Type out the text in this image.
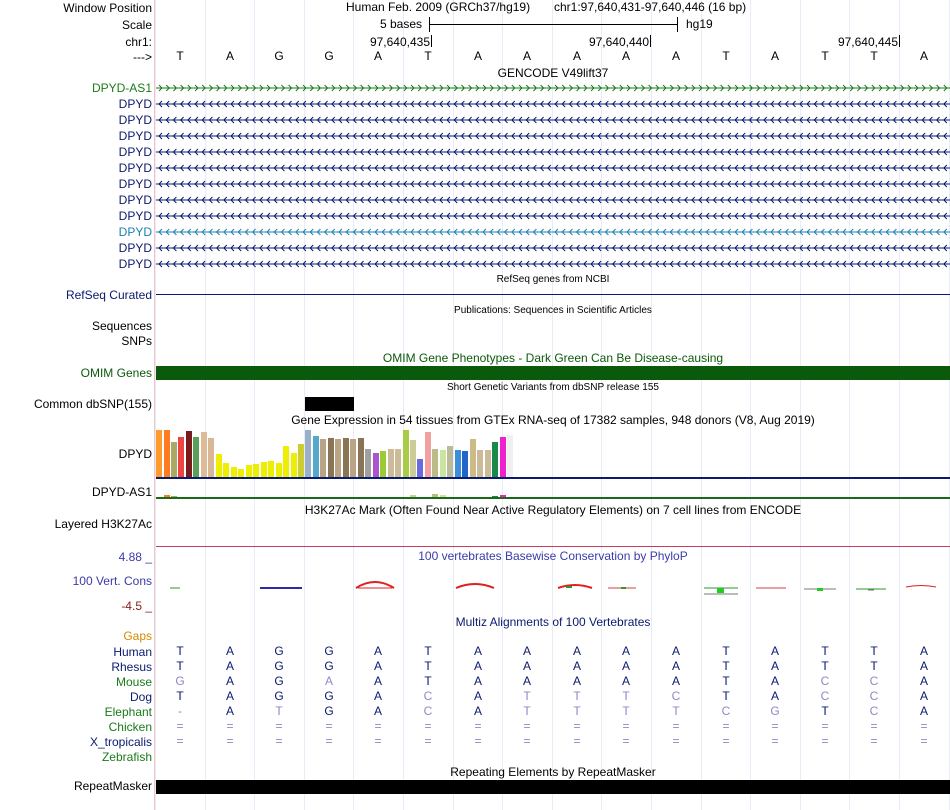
Window Position
Scale
chr1:
--->
Human Feb. 2009 (GRCh37/hg19) chr1:97,640,431-97,640,446 (16 bp)
5 bases	hg19
97,640,435	97,640,440	97,640,445
T	A	G	G	A	T	A	A	A	A	A	T	A	T	T	A
GENCODE V49lift37
DPYD-AS1
DPYD
DPYD
DPYD
DPYD
DPYD
DPYD
DPYD
DPYD
DPYD
DPYD
DPYD
RefSeq genes from NCBI
RefSeq Curated
Publications: Sequences in Scientific Articles
Sequences
SNPs
OMIM Gene Phenotypes - Dark Green Can Be Disease-causing
OMIM Genes
Short Genetic Variants from dbSNP release 155
Common dbSNP(155)
Gene Expression in 54 tissues from GTEx RNA-seq of 17382 samples, 948 donors (V8, Aug 2019)
DPYD
DPYD-AS1
H3K27Ac Mark (Often Found Near Active Regulatory Elements) on 7 cell lines from ENCODE
Layered H3K27Ac
100 vertebrates Basewise Conservation by PhyloP
4.88 _
100 Vert. Cons
-4.5 _
Multiz Alignments of 100 Vertebrates
Gaps
Human	T	A	G	G	A	T	A	A	A	A	A	T	A	T	T	A
Rhesus	T	A	G	G	A	T	A	A	A	A	A	T	A	T	T	A
Mouse	G	A	G	A	A	T	A	A	A	A	A	T	A	C	C	A
Dog	T	A	G	G	A	C	A	T	T	T	C	T	A	C	C	A
Elephant	-	A	T	G	A	C	A	T	T	T	T	C	G	T	C	A
Chicken	=	=	=	=	=	=	=	=	=	=	=	=	=	=	=	=
X_tropicalis	=	=	=	=	=	=	=	=	=	=	=	=	=	=	=	=
Zebrafish
Repeating Elements by RepeatMasker
RepeatMasker
